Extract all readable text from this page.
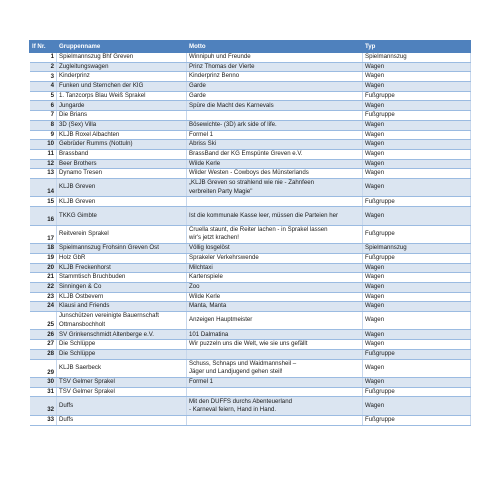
lf Nr.	Gruppenname	Motto	Typ
1	Spielmannszug Bhf Greven	Winnipuh und Freunde	Spielmannszug
2	Zugleitungswagen	Prinz Thomas der Vierte	Wagen
3	Kinderprinz	Kinderprinz Benno	Wagen
4	Funken und Sternchen der KIG	Garde	Wagen
5	1. Tanzcorps Blau Weiß Sprakel	Garde	Fußgruppe
6	Jungarde	Spüre die Macht des Karnevals	Wagen
7	Die Brians		Fußgruppe
8	3D (Sex) Villa	Bösewichte- (3D) ark side of life.	Wagen
9	KLJB Roxel Albachten	Formel 1	Wagen
10	Gebrüder Rumms (Nottuln)	Abriss Ski	Wagen
11	Brassband	BrassBand der KG Emspünte Greven e.V.	Wagen
12	Beer Brothers	Wilde Kerle	Wagen
13	Dynamo Tresen	Wilder Westen - Cowboys des Münsterlands	Wagen
14	KLJB Greven	„KLJB Greven so strahlend wie nie - Zahnfeen
verbreiten Party Magie"	Wagen
15	KLJB Greven		Fußgruppe
16	TKKG Gimbte	Ist die kommunale Kasse leer, müssen die Parteien her	Wagen
17	Reitverein Sprakel	Cruella staunt, die Reiter lachen - in Sprakel lassen
wir's jetzt krachen!	Fußgruppe
18	Spielmannszug Frohsinn Greven Ost	Völlig losgelöst	Spielmannszug
19	Holz GbR	Sprakeler Verkehrswende	Fußgruppe
20	KLJB Freckenhorst	Milchtaxi	Wagen
21	Stammtisch Bruchbuden	Kartenspiele	Wagen
22	Sinningen & Co	Zoo	Wagen
23	KLJB Ostbevern	Wilde Kerle	Wagen
24	Klausi and Friends	Manta, Manta	Wagen
25	Junschützen vereinigte Bauernschaft
Ottmansbochholt	Anzeigen Hauptmeister	Wagen
26	SV Grinkenschmidt Altenberge e.V.	101 Dalmatina	Wagen
27	Die Schlüppe	Wir puzzeln uns die Welt, wie sie uns gefällt	Wagen
28	Die Schlüppe		Fußgruppe
29	KLJB Saerbeck	Schuss, Schnaps und Waidmannsheil –
Jäger und Landjugend gehen steil!	Wagen
30	TSV Gelmer Sprakel	Formel 1	Wagen
31	TSV Gelmer Sprakel		Fußgruppe
32	Duffs	Mit den DUFFS durchs Abenteuerland
- Karneval feiern, Hand in Hand.	Wagen
33	Duffs		Fußgruppe
